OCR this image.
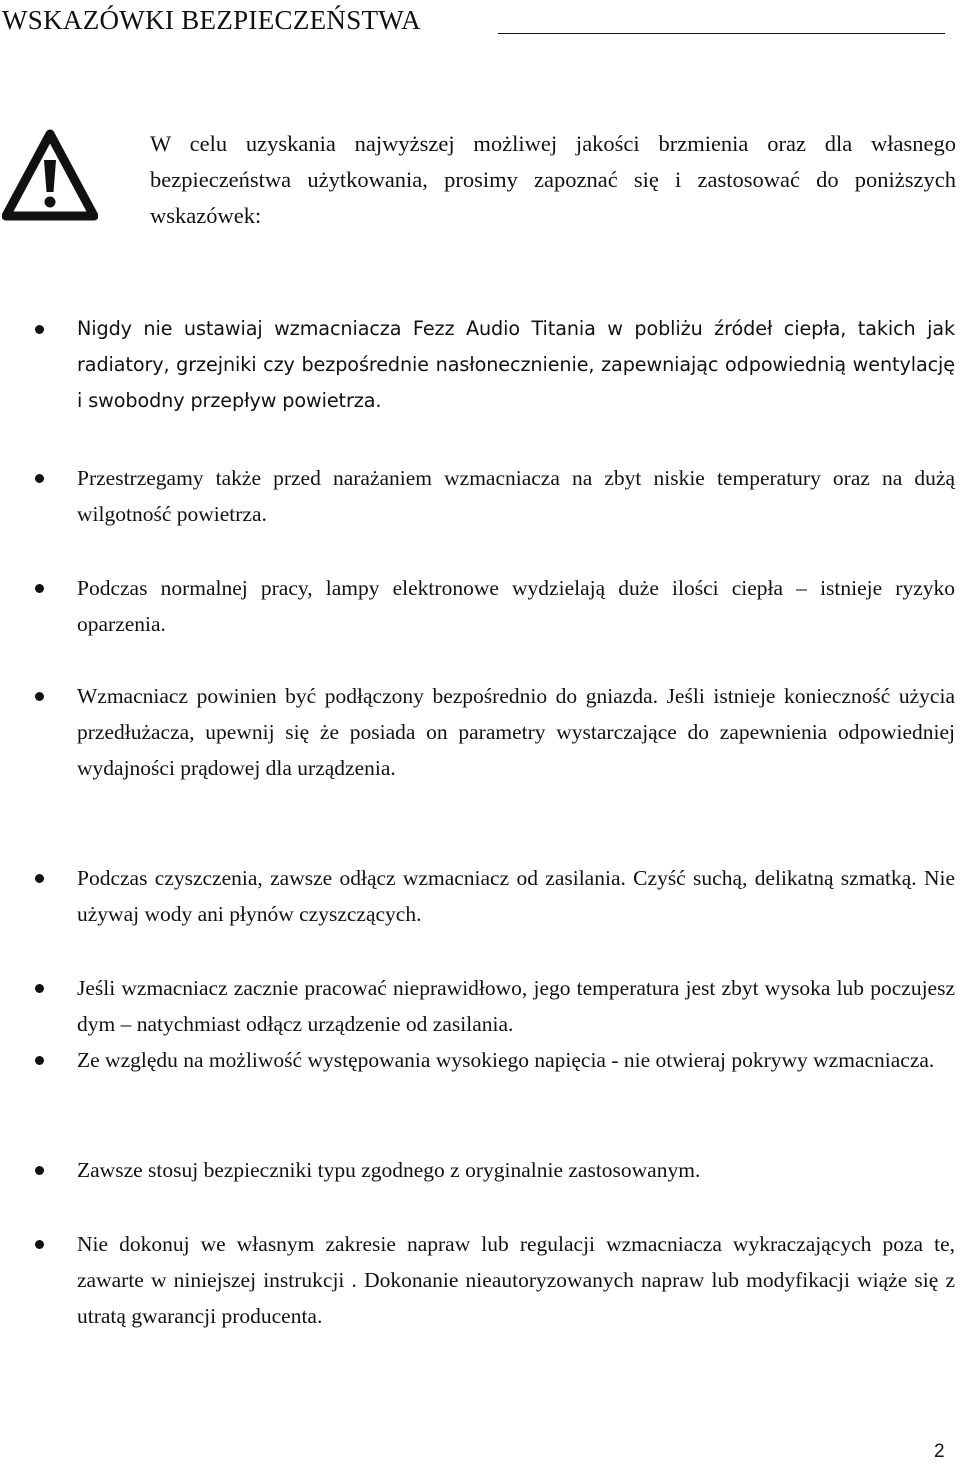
WSKAZÓWKI BEZPIECZEŃSTWA
W celu uzyskania najwyższej możliwej jakości brzmienia oraz dla własnego bezpieczeństwa użytkowania, prosimy zapoznać się i zastosować do poniższych wskazówek:
Nigdy nie ustawiaj wzmacniacza Fezz Audio Titania w pobliżu źródeł ciepła, takich jak radiatory, grzejniki czy bezpośrednie nasłonecznienie, zapewniając odpowiednią wentylację i swobodny przepływ powietrza.
Przestrzegamy także przed narażaniem wzmacniacza na zbyt niskie temperatury oraz na dużą wilgotność powietrza.
Podczas normalnej pracy, lampy elektronowe wydzielają duże ilości ciepła – istnieje ryzyko oparzenia.
Wzmacniacz powinien być podłączony bezpośrednio do gniazda. Jeśli istnieje konieczność użycia przedłużacza, upewnij się że posiada on parametry wystarczające do zapewnienia odpowiedniej wydajności prądowej dla urządzenia.
Podczas czyszczenia, zawsze odłącz wzmacniacz od zasilania. Czyść suchą, delikatną szmatką. Nie używaj wody ani płynów czyszczących.
Jeśli wzmacniacz zacznie pracować nieprawidłowo, jego temperatura jest zbyt wysoka lub poczujesz dym – natychmiast odłącz urządzenie od zasilania.
Ze względu na możliwość występowania wysokiego napięcia - nie otwieraj pokrywy wzmacniacza.
Zawsze stosuj bezpieczniki typu zgodnego z oryginalnie zastosowanym.
Nie dokonuj we własnym zakresie napraw lub regulacji wzmacniacza wykraczających poza te, zawarte w niniejszej instrukcji . Dokonanie nieautoryzowanych napraw lub modyfikacji wiąże się z utratą gwarancji producenta.
2
